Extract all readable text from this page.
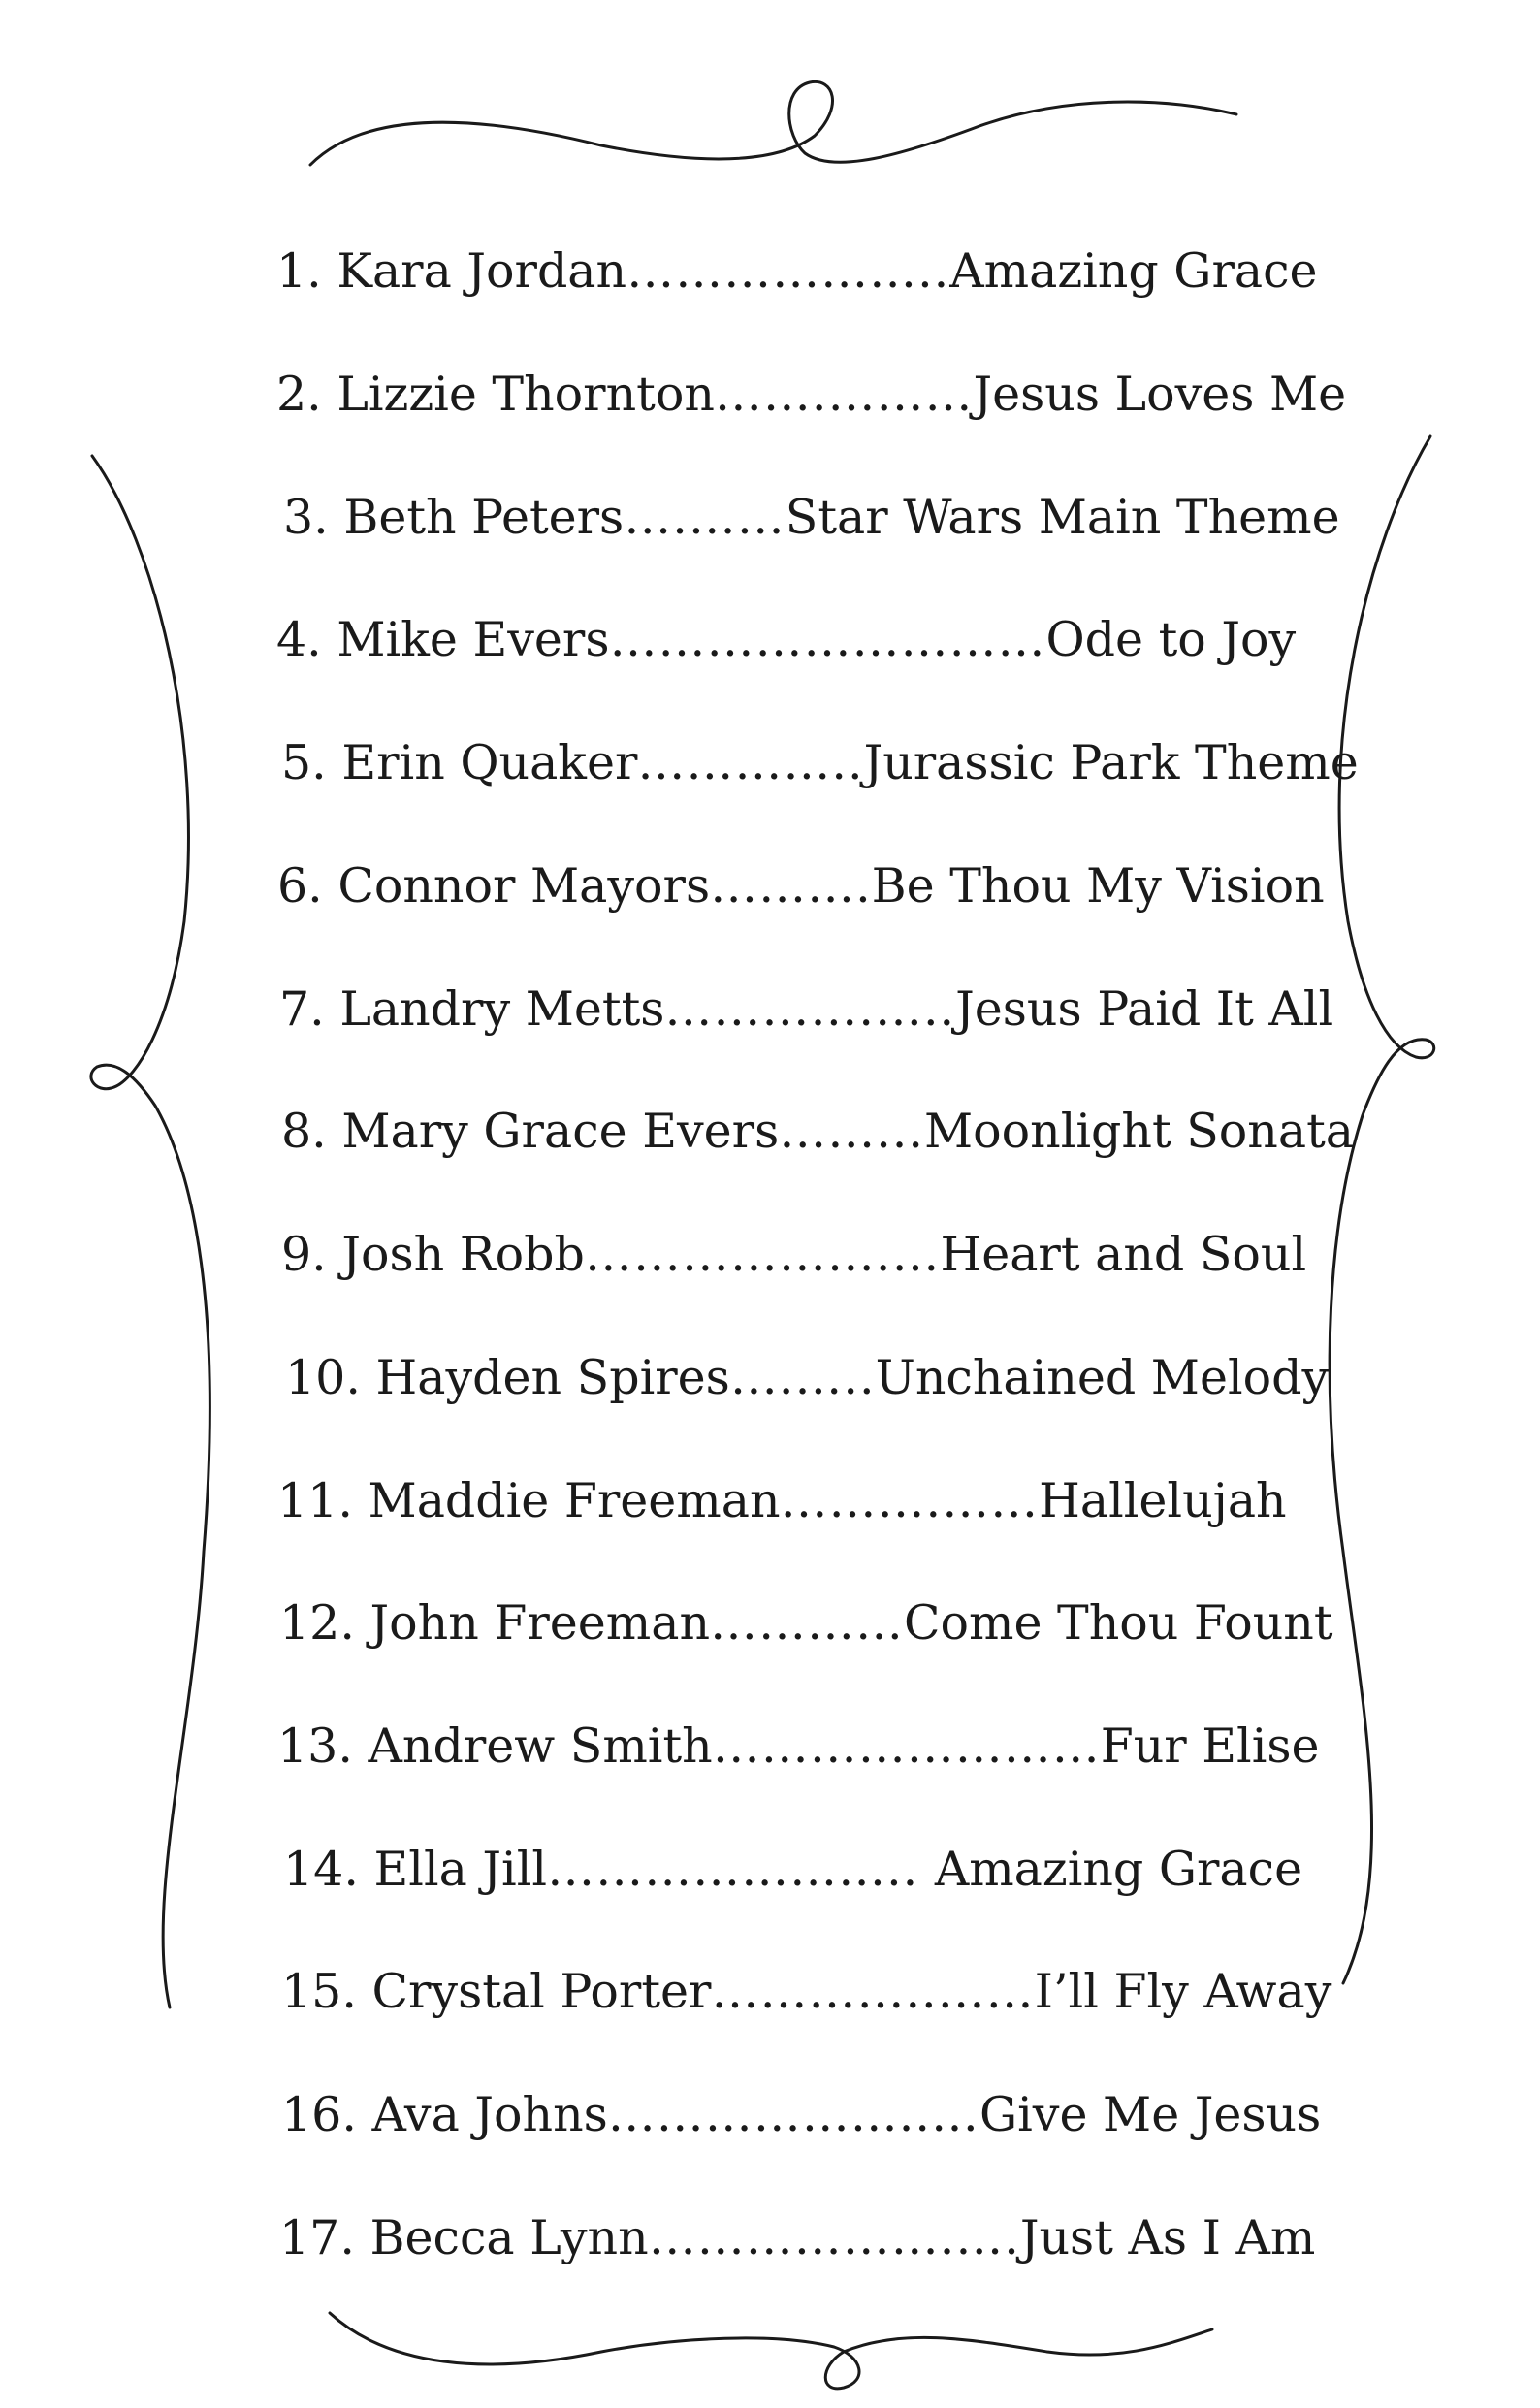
1. Kara Jordan………………..Amazing Grace
2. Lizzie Thornton…….………Jesus Loves Me
3. Beth Peters….……Star Wars Main Theme
4. Mike Evers………………………Ode to Joy
5. Erin Quaker…………..Jurassic Park Theme
6. Connor Mayors……….Be Thou My Vision
7. Landry Metts………….…..Jesus Paid It All
8. Mary Grace Evers……...Moonlight Sonata
9. Josh Robb……………….…Heart and Soul
10. Hayden Spires….…..Unchained Melody
11. Maddie Freeman……….……Hallelujah
12. John Freeman…………Come Thou Fount
13. Andrew Smith……………………Fur Elise
14. Ella Jill………………….. Amazing Grace
15. Crystal Porter…………..……I’ll Fly Away
16. Ava Johns………………..…Give Me Jesus
17. Becca Lynn……………….….Just As I Am
